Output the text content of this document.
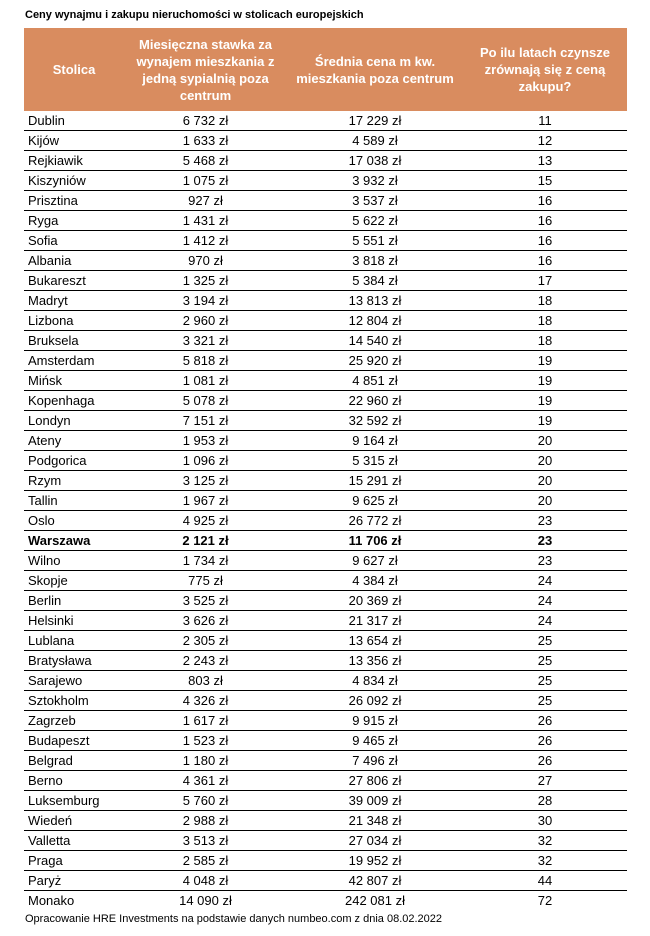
Ceny wynajmu i zakupu nieruchomości w stolicach europejskich
Stolica	Miesięczna stawka za wynajem mieszkania z jedną sypialnią poza centrum	Średnia cena m kw. mieszkania poza centrum	Po ilu latach czynsze zrównają się z ceną zakupu?
Dublin	6 732 zł	17 229 zł	11
Kijów	1 633 zł	4 589 zł	12
Rejkiawik	5 468 zł	17 038 zł	13
Kiszyniów	1 075 zł	3 932 zł	15
Prisztina	927 zł	3 537 zł	16
Ryga	1 431 zł	5 622 zł	16
Sofia	1 412 zł	5 551 zł	16
Albania	970 zł	3 818 zł	16
Bukareszt	1 325 zł	5 384 zł	17
Madryt	3 194 zł	13 813 zł	18
Lizbona	2 960 zł	12 804 zł	18
Bruksela	3 321 zł	14 540 zł	18
Amsterdam	5 818 zł	25 920 zł	19
Mińsk	1 081 zł	4 851 zł	19
Kopenhaga	5 078 zł	22 960 zł	19
Londyn	7 151 zł	32 592 zł	19
Ateny	1 953 zł	9 164 zł	20
Podgorica	1 096 zł	5 315 zł	20
Rzym	3 125 zł	15 291 zł	20
Tallin	1 967 zł	9 625 zł	20
Oslo	4 925 zł	26 772 zł	23
Warszawa	2 121 zł	11 706 zł	23
Wilno	1 734 zł	9 627 zł	23
Skopje	775 zł	4 384 zł	24
Berlin	3 525 zł	20 369 zł	24
Helsinki	3 626 zł	21 317 zł	24
Lublana	2 305 zł	13 654 zł	25
Bratysława	2 243 zł	13 356 zł	25
Sarajewo	803 zł	4 834 zł	25
Sztokholm	4 326 zł	26 092 zł	25
Zagrzeb	1 617 zł	9 915 zł	26
Budapeszt	1 523 zł	9 465 zł	26
Belgrad	1 180 zł	7 496 zł	26
Berno	4 361 zł	27 806 zł	27
Luksemburg	5 760 zł	39 009 zł	28
Wiedeń	2 988 zł	21 348 zł	30
Valletta	3 513 zł	27 034 zł	32
Praga	2 585 zł	19 952 zł	32
Paryż	4 048 zł	42 807 zł	44
Monako	14 090 zł	242 081 zł	72
Opracowanie HRE Investments na podstawie danych numbeo.com z dnia 08.02.2022
